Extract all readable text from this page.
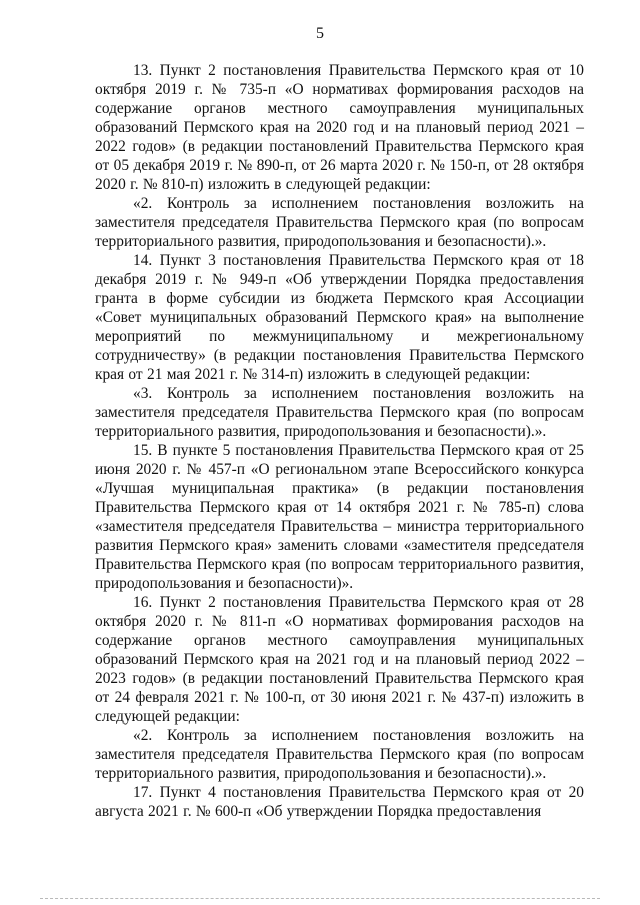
5

13. Пункт 2 постановления Правительства Пермского края от 10 октября 2019 г. № 735-п «О нормативах формирования расходов на содержание органов местного самоуправления муниципальных образований Пермского края на 2020 год и на плановый период 2021 – 2022 годов» (в редакции постановлений Правительства Пермского края от 05 декабря 2019 г. № 890-п, от 26 марта 2020 г. № 150-п, от 28 октября 2020 г. № 810-п) изложить в следующей редакции:

«2. Контроль за исполнением постановления возложить на заместителя председателя Правительства Пермского края (по вопросам территориального развития, природопользования и безопасности).».

14. Пункт 3 постановления Правительства Пермского края от 18 декабря 2019 г. № 949-п «Об утверждении Порядка предоставления гранта в форме субсидии из бюджета Пермского края Ассоциации «Совет муниципальных образований Пермского края» на выполнение мероприятий по межмуниципальному и межрегиональному сотрудничеству» (в редакции постановления Правительства Пермского края от 21 мая 2021 г. № 314-п) изложить в следующей редакции:

«3. Контроль за исполнением постановления возложить на заместителя председателя Правительства Пермского края (по вопросам территориального развития, природопользования и безопасности).».

15. В пункте 5 постановления Правительства Пермского края от 25 июня 2020 г. № 457-п «О региональном этапе Всероссийского конкурса «Лучшая муниципальная практика» (в редакции постановления Правительства Пермского края от 14 октября 2021 г. № 785-п) слова «заместителя председателя Правительства – министра территориального развития Пермского края» заменить словами «заместителя председателя Правительства Пермского края (по вопросам территориального развития, природопользования и безопасности)».

16. Пункт 2 постановления Правительства Пермского края от 28 октября 2020 г. № 811-п «О нормативах формирования расходов на содержание органов местного самоуправления муниципальных образований Пермского края на 2021 год и на плановый период 2022 – 2023 годов» (в редакции постановлений Правительства Пермского края от 24 февраля 2021 г. № 100-п, от 30 июня 2021 г. № 437-п) изложить в следующей редакции:

«2. Контроль за исполнением постановления возложить на заместителя председателя Правительства Пермского края (по вопросам территориального развития, природопользования и безопасности).».

17. Пункт 4 постановления Правительства Пермского края от 20 августа 2021 г. № 600-п «Об утверждении Порядка предоставления
